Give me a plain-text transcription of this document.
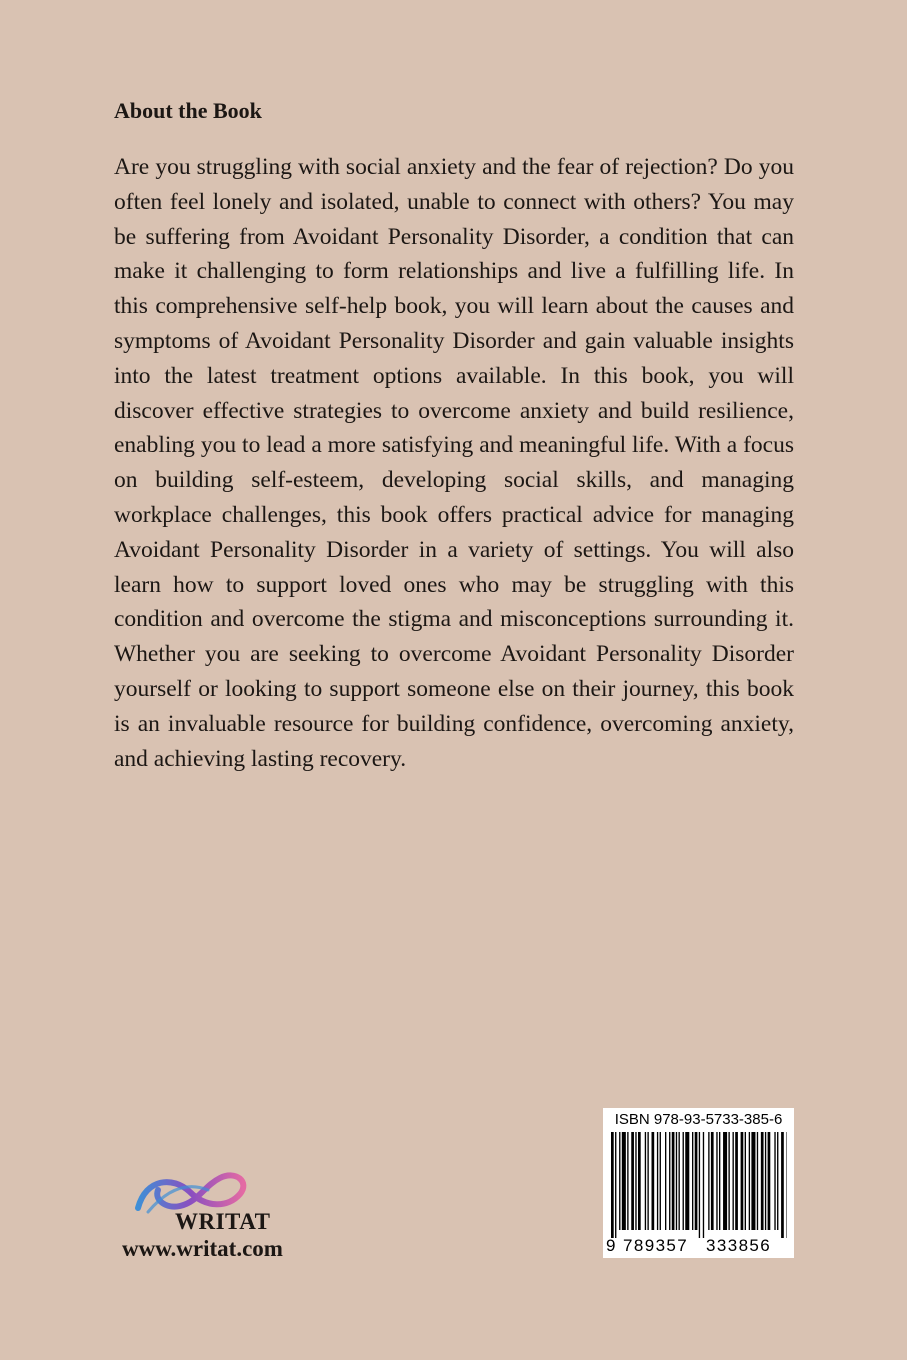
About the Book

Are you struggling with social anxiety and the fear of rejection? Do you often feel lonely and isolated, unable to connect with others? You may be suffering from Avoidant Personality Disorder, a condition that can make it challenging to form relationships and live a fulfilling life. In this comprehensive self-help book, you will learn about the causes and symptoms of Avoidant Personality Disorder and gain valuable insights into the latest treatment options available. In this book, you will discover effective strategies to overcome anxiety and build resilience, enabling you to lead a more satisfying and meaningful life. With a focus on building self-esteem, developing social skills, and managing workplace challenges, this book offers practical advice for managing Avoidant Personality Disorder in a variety of settings. You will also learn how to support loved ones who may be struggling with this condition and overcome the stigma and misconceptions surrounding it. Whether you are seeking to overcome Avoidant Personality Disorder yourself or looking to support someone else on their journey, this book is an invaluable resource for building confidence, overcoming anxiety, and achieving lasting recovery.

WRITAT
www.writat.com
ISBN 978-93-5733-385-6
9 789357 333856
